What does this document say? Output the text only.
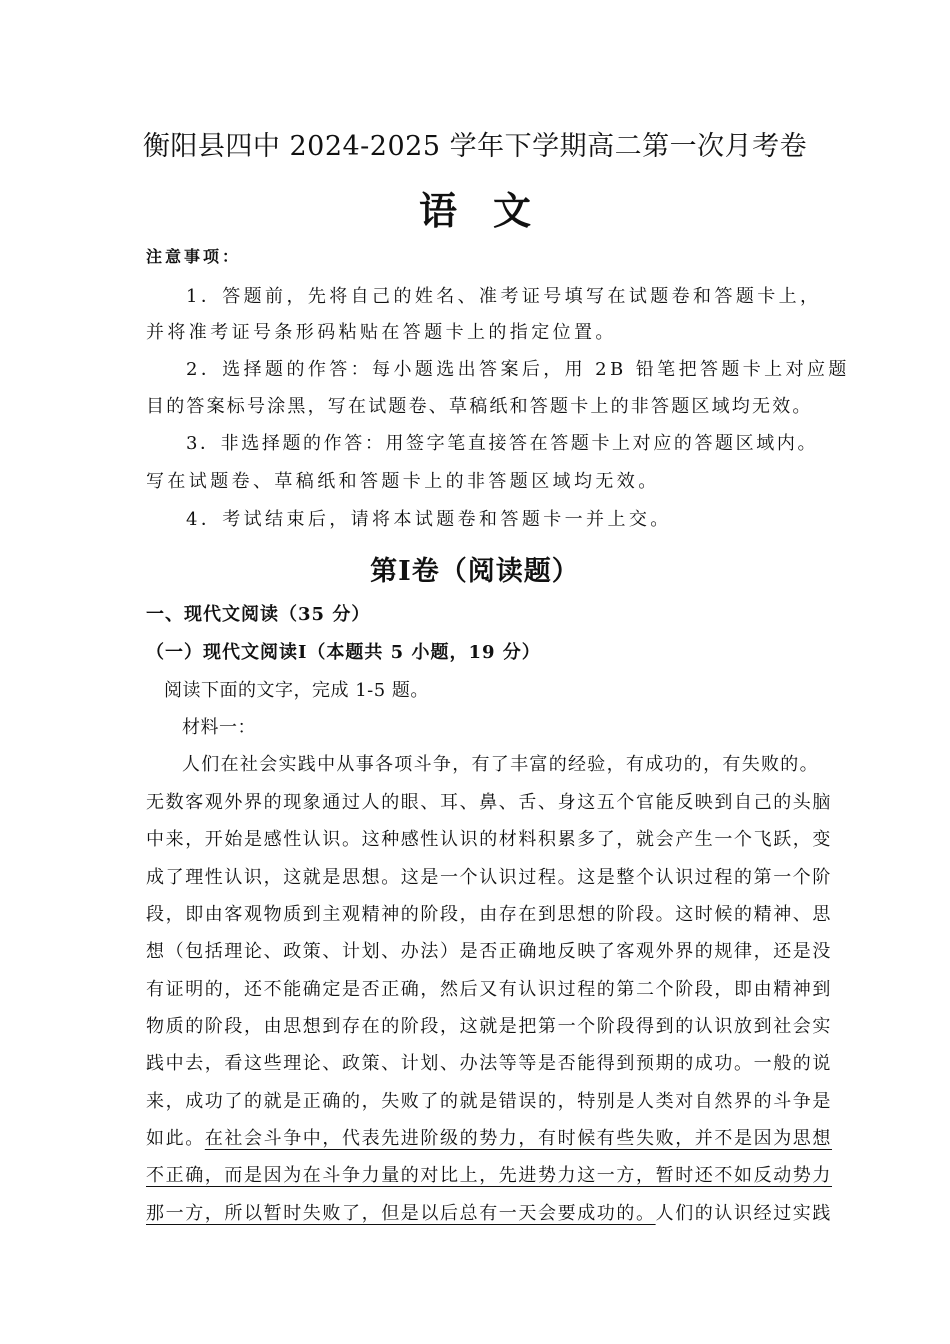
衡阳县四中 2024-2025 学年下学期高二第一次月考卷
语文
注意事项：
1．答题前，先将自己的姓名、准考证号填写在试题卷和答题卡上，
并将准考证号条形码粘贴在答题卡上的指定位置。
2．选择题的作答：每小题选出答案后，用 2B 铅笔把答题卡上对应题
目的答案标号涂黑，写在试题卷、草稿纸和答题卡上的非答题区域均无效。
3．非选择题的作答：用签字笔直接答在答题卡上对应的答题区域内。
写在试题卷、草稿纸和答题卡上的非答题区域均无效。
4．考试结束后，请将本试题卷和答题卡一并上交。
第Ⅰ卷（阅读题）
一、现代文阅读（35 分）
（一）现代文阅读Ⅰ（本题共 5 小题，19 分）
阅读下面的文字，完成 1-5 题。
材料一：
人们在社会实践中从事各项斗争，有了丰富的经验，有成功的，有失败的。
无数客观外界的现象通过人的眼、耳、鼻、舌、身这五个官能反映到自己的头脑
中来，开始是感性认识。这种感性认识的材料积累多了，就会产生一个飞跃，变
成了理性认识，这就是思想。这是一个认识过程。这是整个认识过程的第一个阶
段，即由客观物质到主观精神的阶段，由存在到思想的阶段。这时候的精神、思
想（包括理论、政策、计划、办法）是否正确地反映了客观外界的规律，还是没
有证明的，还不能确定是否正确，然后又有认识过程的第二个阶段，即由精神到
物质的阶段，由思想到存在的阶段，这就是把第一个阶段得到的认识放到社会实
践中去，看这些理论、政策、计划、办法等等是否能得到预期的成功。一般的说
来，成功了的就是正确的，失败了的就是错误的，特别是人类对自然界的斗争是
如此。在社会斗争中，代表先进阶级的势力，有时候有些失败，并不是因为思想
不正确，而是因为在斗争力量的对比上，先进势力这一方，暂时还不如反动势力
那一方，所以暂时失败了，但是以后总有一天会要成功的。人们的认识经过实践
